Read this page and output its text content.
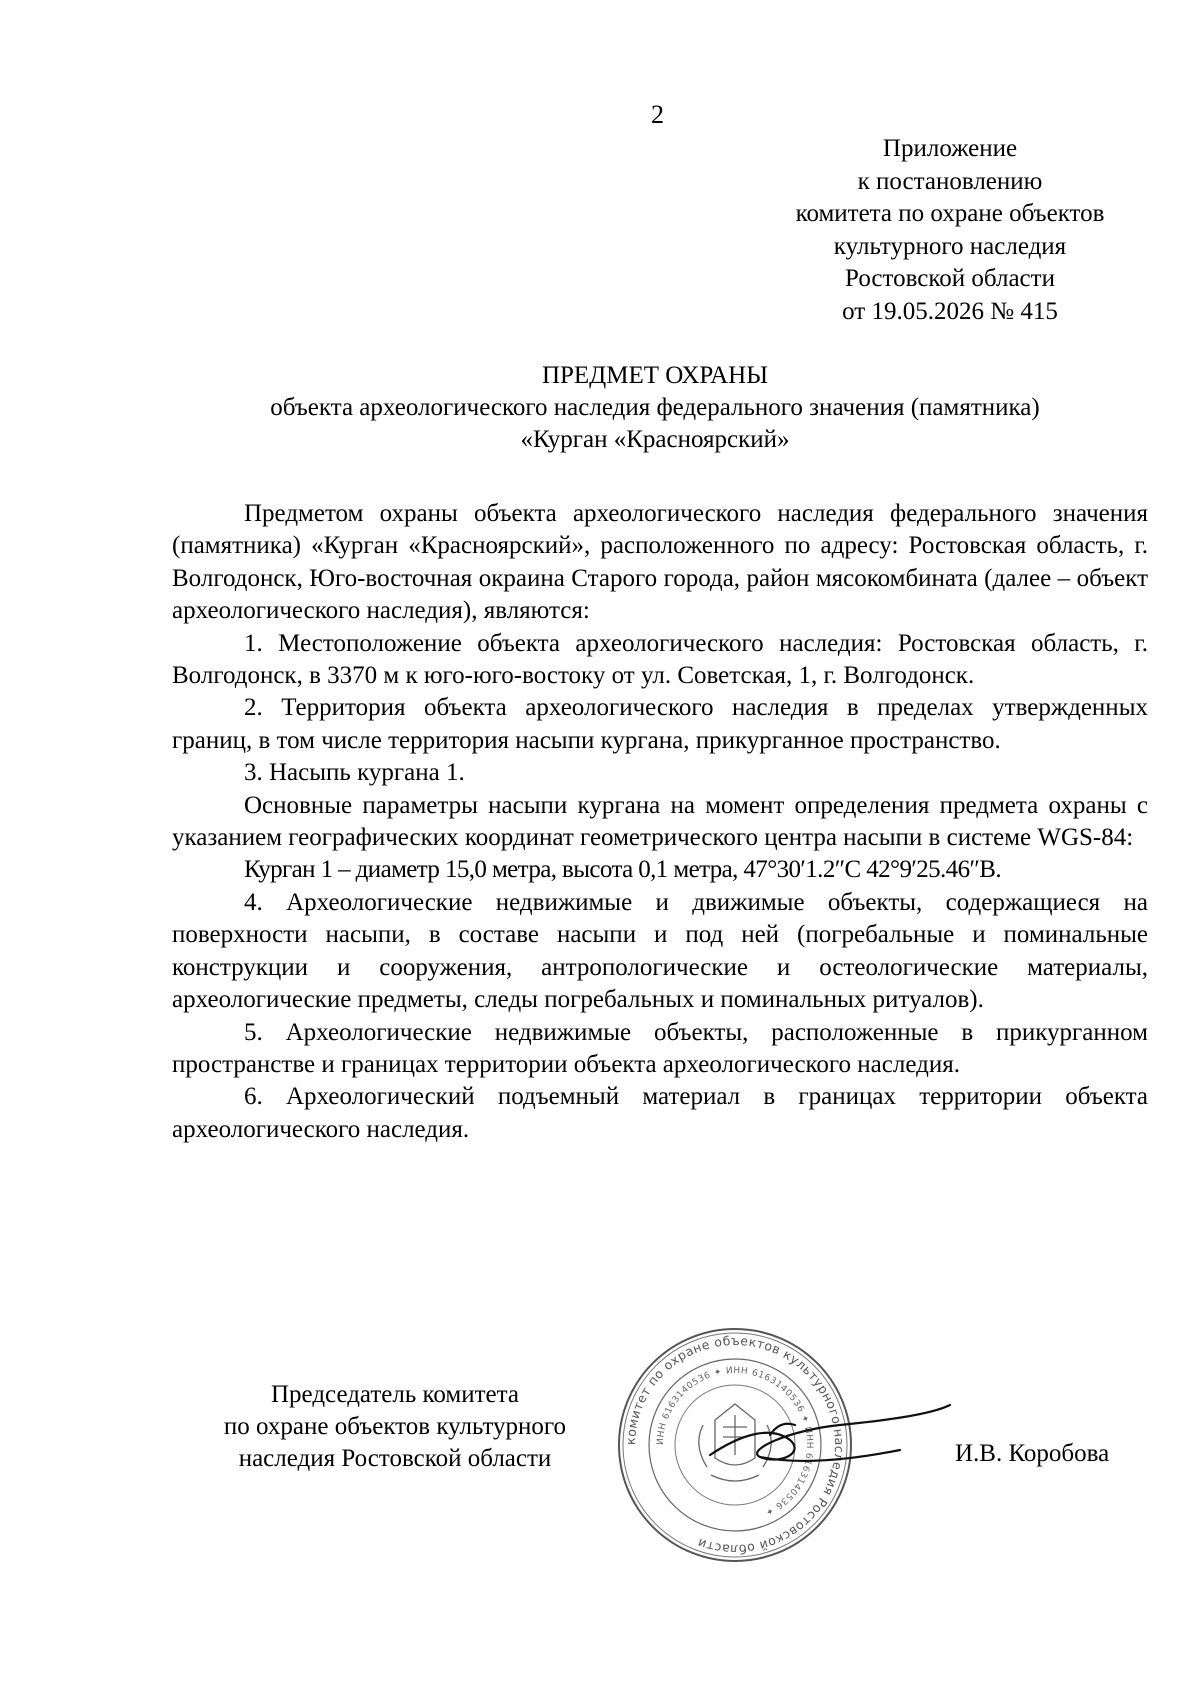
2
Приложение
к постановлению
комитета по охране объектов
культурного наследия
Ростовской области
от 19.05.2026 № 415
ПРЕДМЕТ ОХРАНЫ
объекта археологического наследия федерального значения (памятника)
«Курган «Красноярский»

Предметом охраны объекта археологического наследия федерального значения (памятника) «Курган «Красноярский», расположенного по адресу: Ростовская область, г. Волгодонск, Юго-восточная окраина Старого города, район мясокомбината (далее – объект археологического наследия), являются:

1. Местоположение объекта археологического наследия: Ростовская область, г. Волгодонск, в 3370 м к юго-юго-востоку от ул. Советская, 1, г. Волгодонск.

2. Территория объекта археологического наследия в пределах утвержденных границ, в том числе территория насыпи кургана, прикурганное пространство.

3. Насыпь кургана 1.

Основные параметры насыпи кургана на момент определения предмета охраны с указанием географических координат геометрического центра насыпи в системе WGS-84:

Курган 1 – диаметр 15,0 метра, высота 0,1 метра, 47°30′1.2″С 42°9′25.46″В.

4. Археологические недвижимые и движимые объекты, содержащиеся на поверхности насыпи, в составе насыпи и под ней (погребальные и поминальные конструкции и сооружения, антропологические и остеологические материалы, археологические предметы, следы погребальных и поминальных ритуалов).

5. Археологические недвижимые объекты, расположенные в прикурганном пространстве и границах территории объекта археологического наследия.

6. Археологический подъемный материал в границах территории объекта археологического наследия.

Председатель комитета
по охране объектов культурного
наследия Ростовской области
комитет по охране объектов культурного наследия Ростовской области
ИНН 6163140536 ✦ ИНН 6163140536 ✦ ИНН 6163140536 ✦
И.В. Коробова
